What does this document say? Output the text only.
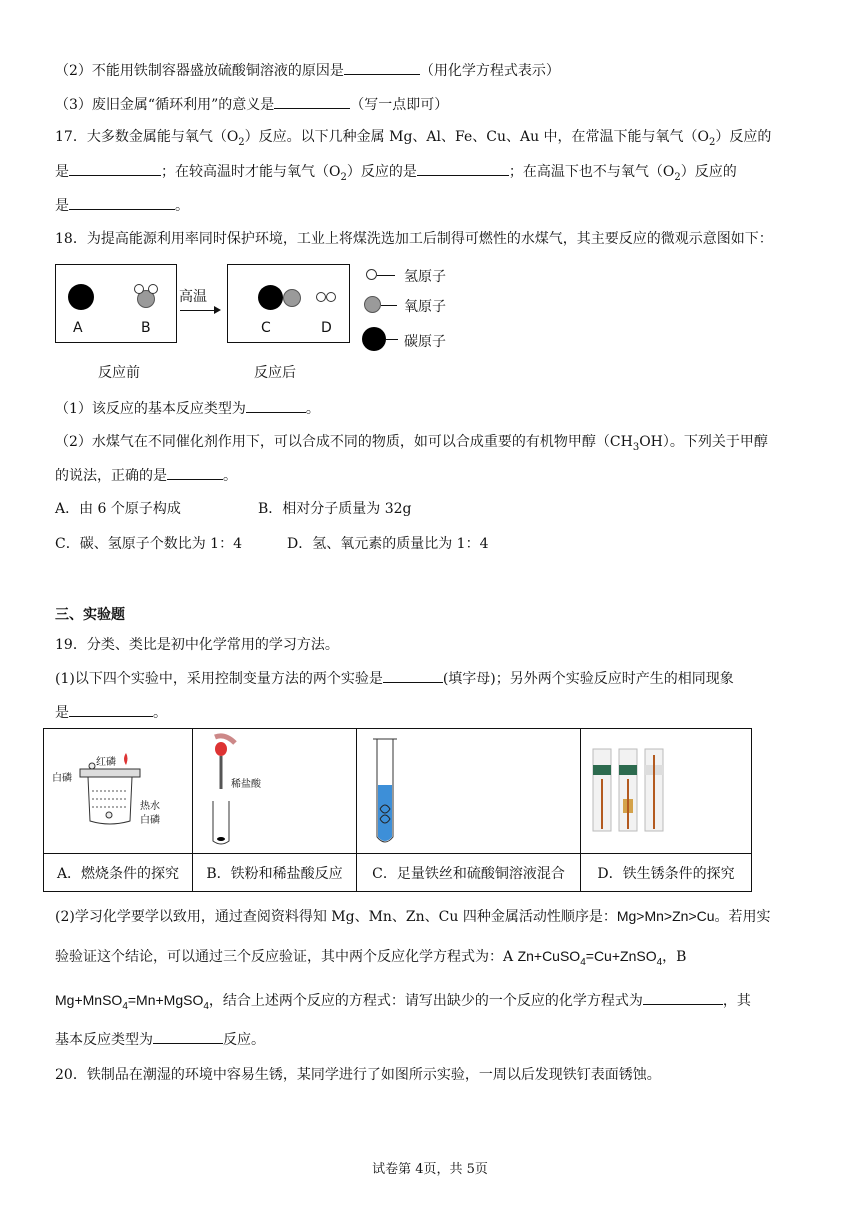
（2）不能用铁制容器盛放硫酸铜溶液的原因是	（用化学方程式表示）
（3）废旧金属“循环利用”的意义是	（写一点即可）
17．大多数金属能与氧气$(O_2)$反应。以下几种金属 Mg、Al、Fe、Cu、Au 中，在常温下能与氧气$(O_2)$反应的
是	；在较高温时才能与氧气$(O_2)$反应的是	；在高温下也不与氧气$(O_2)$反应的
是	。
18．为提高能源利用率同时保护环境，工业上将煤洗选加工后制得可燃性的水煤气，其主要反应的微观示意图如下：
A	B
高温
C	D
反应前	反应后
氢原子
氧原子
碳原子
（1）该反应的基本反应类型为	。
（2）水煤气在不同催化剂作用下，可以合成不同的物质，如可以合成重要的有机物甲醇$(CH_3OH)$。下列关于甲醇
的说法，正确的是	。
A．由 6 个原子构成	B．相对分子质量为 32g
C．碳、氢原子个数比为 1：4	D．氢、氧元素的质量比为 1：4
三、实验题
19．分类、类比是初中化学常用的学习方法。
(1)以下四个实验中，采用控制变量方法的两个实验是	(填字母)；另外两个实验反应时产生的相同现象
是	。
白磷
红磷
热水
白磷	稀盐酸

A．燃烧条件的探究	B．铁粉和稀盐酸反应	C．足量铁丝和硫酸铜溶液混合	D．铁生锈条件的探究
(2)学习化学要学以致用，通过查阅资料得知 Mg、Mn、Zn、Cu 四种金属活动性顺序是：Mg>Mn>Zn>Cu。若用实
验验证这个结论，可以通过三个反应验证，其中两个反应化学方程式为：A Zn+CuSO$_4$=Cu+ZnSO$_4$，B
Mg+MnSO$_4$=Mn+MgSO$_4$，结合上述两个反应的方程式：请写出缺少的一个反应的化学方程式为	，其
基本反应类型为	反应。
20．铁制品在潮湿的环境中容易生锈，某同学进行了如图所示实验，一周以后发现铁钉表面锈蚀。
试卷第 4页，共 5页
